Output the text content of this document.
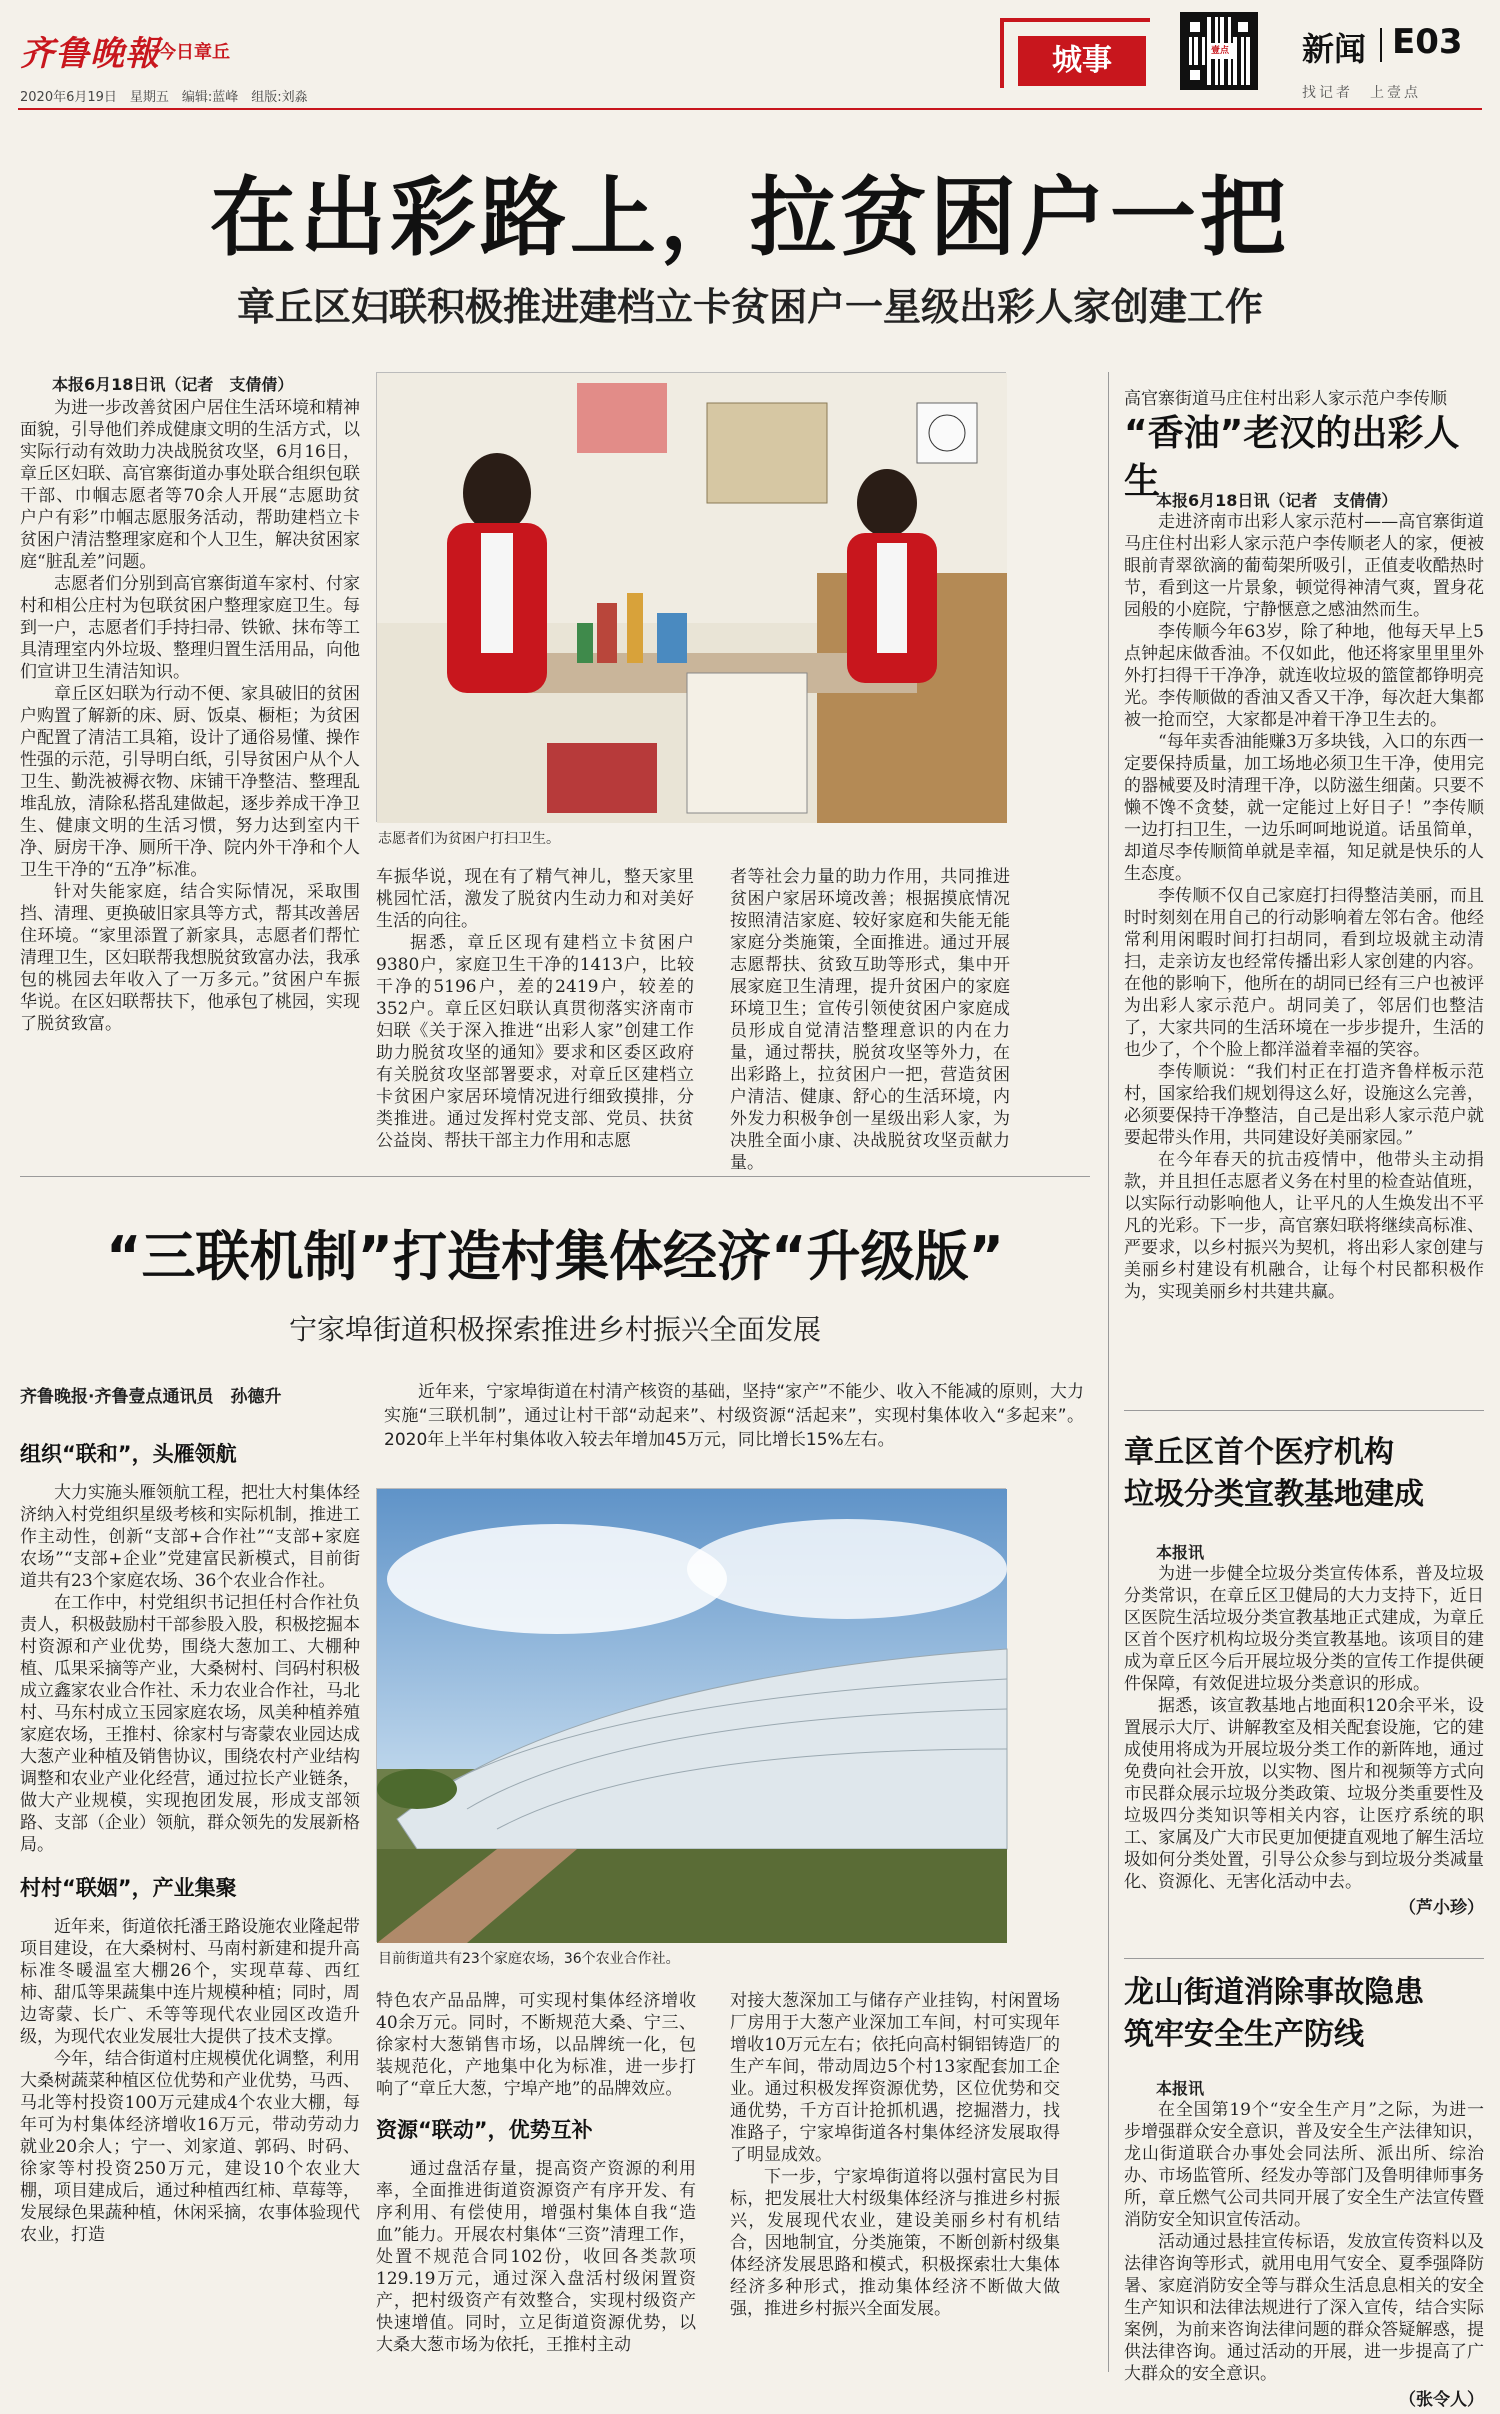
齐鲁晚報
今日章丘
2020年6月19日　星期五　编辑:蓝峰　组版:刘淼
城事	壹点 新闻 E03
找记者　上壹点
在出彩路上，拉贫困户一把
章丘区妇联积极推进建档立卡贫困户一星级出彩人家创建工作
本报6月18日讯（记者　支倩倩）

为进一步改善贫困户居住生活环境和精神面貌，引导他们养成健康文明的生活方式，以实际行动有效助力决战脱贫攻坚，6月16日，章丘区妇联、高官寨街道办事处联合组织包联干部、巾帼志愿者等70余人开展“志愿助贫 户户有彩”巾帼志愿服务活动，帮助建档立卡贫困户清洁整理家庭和个人卫生，解决贫困家庭“脏乱差”问题。

志愿者们分别到高官寨街道车家村、付家村和相公庄村为包联贫困户整理家庭卫生。每到一户，志愿者们手持扫帚、铁锨、抹布等工具清理室内外垃圾、整理归置生活用品，向他们宣讲卫生清洁知识。

章丘区妇联为行动不便、家具破旧的贫困户购置了解新的床、厨、饭桌、橱柜；为贫困户配置了清洁工具箱，设计了通俗易懂、操作性强的示范，引导明白纸，引导贫困户从个人卫生、勤洗被褥衣物、床铺干净整洁、整理乱堆乱放，清除私搭乱建做起，逐步养成干净卫生、健康文明的生活习惯，努力达到室内干净、厨房干净、厕所干净、院内外干净和个人卫生干净的“五净”标准。

针对失能家庭，结合实际情况，采取围挡、清理、更换破旧家具等方式，帮其改善居住环境。“家里添置了新家具，志愿者们帮忙清理卫生，区妇联帮我想脱贫致富办法，我承包的桃园去年收入了一万多元。”贫困户车振华说。在区妇联帮扶下，他承包了桃园，实现了脱贫致富。

志愿者们为贫困户打扫卫生。

车振华说，现在有了精气神儿，整天家里桃园忙活，激发了脱贫内生动力和对美好生活的向往。

据悉，章丘区现有建档立卡贫困户9380户，家庭卫生干净的1413户，比较干净的5196户，差的2419户，较差的352户。章丘区妇联认真贯彻落实济南市妇联《关于深入推进“出彩人家”创建工作助力脱贫攻坚的通知》要求和区委区政府有关脱贫攻坚部署要求，对章丘区建档立卡贫困户家居环境情况进行细致摸排，分类推进。通过发挥村党支部、党员、扶贫公益岗、帮扶干部主力作用和志愿

者等社会力量的助力作用，共同推进贫困户家居环境改善；根据摸底情况按照清洁家庭、较好家庭和失能无能家庭分类施策，全面推进。通过开展志愿帮扶、贫致互助等形式，集中开展家庭卫生清理，提升贫困户的家庭环境卫生；宣传引领使贫困户家庭成员形成自觉清洁整理意识的内在力量，通过帮扶，脱贫攻坚等外力，在出彩路上，拉贫困户一把，营造贫困户清洁、健康、舒心的生活环境，内外发力积极争创一星级出彩人家，为决胜全面小康、决战脱贫攻坚贡献力量。

高官寨街道马庄住村出彩人家示范户李传顺
“香油”老汉的出彩人生
本报6月18日讯（记者　支倩倩）

走进济南市出彩人家示范村——高官寨街道马庄住村出彩人家示范户李传顺老人的家，便被眼前青翠欲滴的葡萄架所吸引，正值麦收酷热时节，看到这一片景象，顿觉得神清气爽，置身花园般的小庭院，宁静惬意之感油然而生。

李传顺今年63岁，除了种地，他每天早上5点钟起床做香油。不仅如此，他还将家里里里外外打扫得干干净净，就连收垃圾的篮筐都铮明亮光。李传顺做的香油又香又干净，每次赶大集都被一抢而空，大家都是冲着干净卫生去的。

“每年卖香油能赚3万多块钱，入口的东西一定要保持质量，加工场地必须卫生干净，使用完的器械要及时清理干净，以防滋生细菌。只要不懒不馋不贪婪，就一定能过上好日子！”李传顺一边打扫卫生，一边乐呵呵地说道。话虽简单，却道尽李传顺简单就是幸福，知足就是快乐的人生态度。

李传顺不仅自己家庭打扫得整洁美丽，而且时时刻刻在用自己的行动影响着左邻右舍。他经常利用闲暇时间打扫胡同，看到垃圾就主动清扫，走亲访友也经常传播出彩人家创建的内容。在他的影响下，他所在的胡同已经有三户也被评为出彩人家示范户。胡同美了，邻居们也整洁了，大家共同的生活环境在一步步提升，生活的也少了，个个脸上都洋溢着幸福的笑容。

李传顺说：“我们村正在打造齐鲁样板示范村，国家给我们规划得这么好，设施这么完善，必须要保持干净整洁，自己是出彩人家示范户就要起带头作用，共同建设好美丽家园。”

在今年春天的抗击疫情中，他带头主动捐款，并且担任志愿者义务在村里的检查站值班，以实际行动影响他人，让平凡的人生焕发出不平凡的光彩。下一步，高官寨妇联将继续高标准、严要求，以乡村振兴为契机，将出彩人家创建与美丽乡村建设有机融合，让每个村民都积极作为，实现美丽乡村共建共赢。

“三联机制”打造村集体经济“升级版”
宁家埠街道积极探索推进乡村振兴全面发展
齐鲁晚报·齐鲁壹点通讯员　孙德升
组织“联和”，头雁领航

大力实施头雁领航工程，把壮大村集体经济纳入村党组织星级考核和实际机制，推进工作主动性，创新“支部+合作社”“支部+家庭农场”“支部+企业”党建富民新模式，目前街道共有23个家庭农场、36个农业合作社。

在工作中，村党组织书记担任村合作社负责人，积极鼓励村干部参股入股，积极挖掘本村资源和产业优势，围绕大葱加工、大棚种植、瓜果采摘等产业，大桑树村、闫码村积极成立鑫家农业合作社、禾力农业合作社，马北村、马东村成立玉园家庭农场，凤美种植养殖家庭农场，王推村、徐家村与寄蒙农业园达成大葱产业种植及销售协议，围绕农村产业结构调整和农业产业化经营，通过拉长产业链条，做大产业规模，实现抱团发展，形成支部领路、支部（企业）领航，群众领先的发展新格局。

村村“联姻”，产业集聚

近年来，街道依托潘王路设施农业隆起带项目建设，在大桑树村、马南村新建和提升高标准冬暖温室大棚26个，实现草莓、西红柿、甜瓜等果蔬集中连片规模种植；同时，周边寄蒙、长广、禾等等现代农业园区改造升级，为现代农业发展壮大提供了技术支撑。

今年，结合街道村庄规模优化调整，利用大桑树蔬菜种植区位优势和产业优势，马西、马北等村投资100万元建成4个农业大棚，每年可为村集体经济增收16万元，带动劳动力就业20余人；宁一、刘家道、郭码、时码、徐家等村投资250万元，建设10个农业大棚，项目建成后，通过种植西红柿、草莓等，发展绿色果蔬种植，休闲采摘，农事体验现代农业，打造

近年来，宁家埠街道在村清产核资的基础，坚持“家产”不能少、收入不能减的原则，大力实施“三联机制”，通过让村干部“动起来”、村级资源“活起来”，实现村集体收入“多起来”。2020年上半年村集体收入较去年增加45万元，同比增长15%左右。
目前街道共有23个家庭农场，36个农业合作社。

特色农产品品牌，可实现村集体经济增收40余万元。同时，不断规范大桑、宁三、徐家村大葱销售市场，以品牌统一化，包装规范化，产地集中化为标准，进一步打响了“章丘大葱，宁埠产地”的品牌效应。

资源“联动”，优势互补

通过盘活存量，提高资产资源的利用率，全面推进街道资源资产有序开发、有序利用、有偿使用，增强村集体自我“造血”能力。开展农村集体“三资”清理工作，处置不规范合同102份，收回各类款项129.19万元，通过深入盘活村级闲置资产，把村级资产有效整合，实现村级资产快速增值。同时，立足街道资源优势，以大桑大葱市场为依托，王推村主动

对接大葱深加工与储存产业挂钩，村闲置场厂房用于大葱产业深加工车间，村可实现年增收10万元左右；依托向高村铜铝铸造厂的生产车间，带动周边5个村13家配套加工企业。通过积极发挥资源优势，区位优势和交通优势，千方百计抢抓机遇，挖掘潜力，找准路子，宁家埠街道各村集体经济发展取得了明显成效。

下一步，宁家埠街道将以强村富民为目标，把发展壮大村级集体经济与推进乡村振兴，发展现代农业，建设美丽乡村有机结合，因地制宜，分类施策，不断创新村级集体经济发展思路和模式，积极探索壮大集体经济多种形式，推动集体经济不断做大做强，推进乡村振兴全面发展。

章丘区首个医疗机构
垃圾分类宣教基地建成
本报讯

为进一步健全垃圾分类宣传体系，普及垃圾分类常识，在章丘区卫健局的大力支持下，近日区医院生活垃圾分类宣教基地正式建成，为章丘区首个医疗机构垃圾分类宣教基地。该项目的建成为章丘区今后开展垃圾分类的宣传工作提供硬件保障，有效促进垃圾分类意识的形成。

据悉，该宣教基地占地面积120余平米，设置展示大厅、讲解教室及相关配套设施，它的建成使用将成为开展垃圾分类工作的新阵地，通过免费向社会开放，以实物、图片和视频等方式向市民群众展示垃圾分类政策、垃圾分类重要性及垃圾四分类知识等相关内容，让医疗系统的职工、家属及广大市民更加便捷直观地了解生活垃圾如何分类处置，引导公众参与到垃圾分类减量化、资源化、无害化活动中去。

（芦小珍）
龙山街道消除事故隐患
筑牢安全生产防线
本报讯

在全国第19个“安全生产月”之际，为进一步增强群众安全意识，普及安全生产法律知识，龙山街道联合办事处会同法所、派出所、综治办、市场监管所、经发办等部门及鲁明律师事务所，章丘燃气公司共同开展了安全生产法宣传暨消防安全知识宣传活动。

活动通过悬挂宣传标语，发放宣传资料以及法律咨询等形式，就用电用气安全、夏季强降防暑、家庭消防安全等与群众生活息息相关的安全生产知识和法律法规进行了深入宣传，结合实际案例，为前来咨询法律问题的群众答疑解惑，提供法律咨询。通过活动的开展，进一步提高了广大群众的安全意识。

（张令人）
